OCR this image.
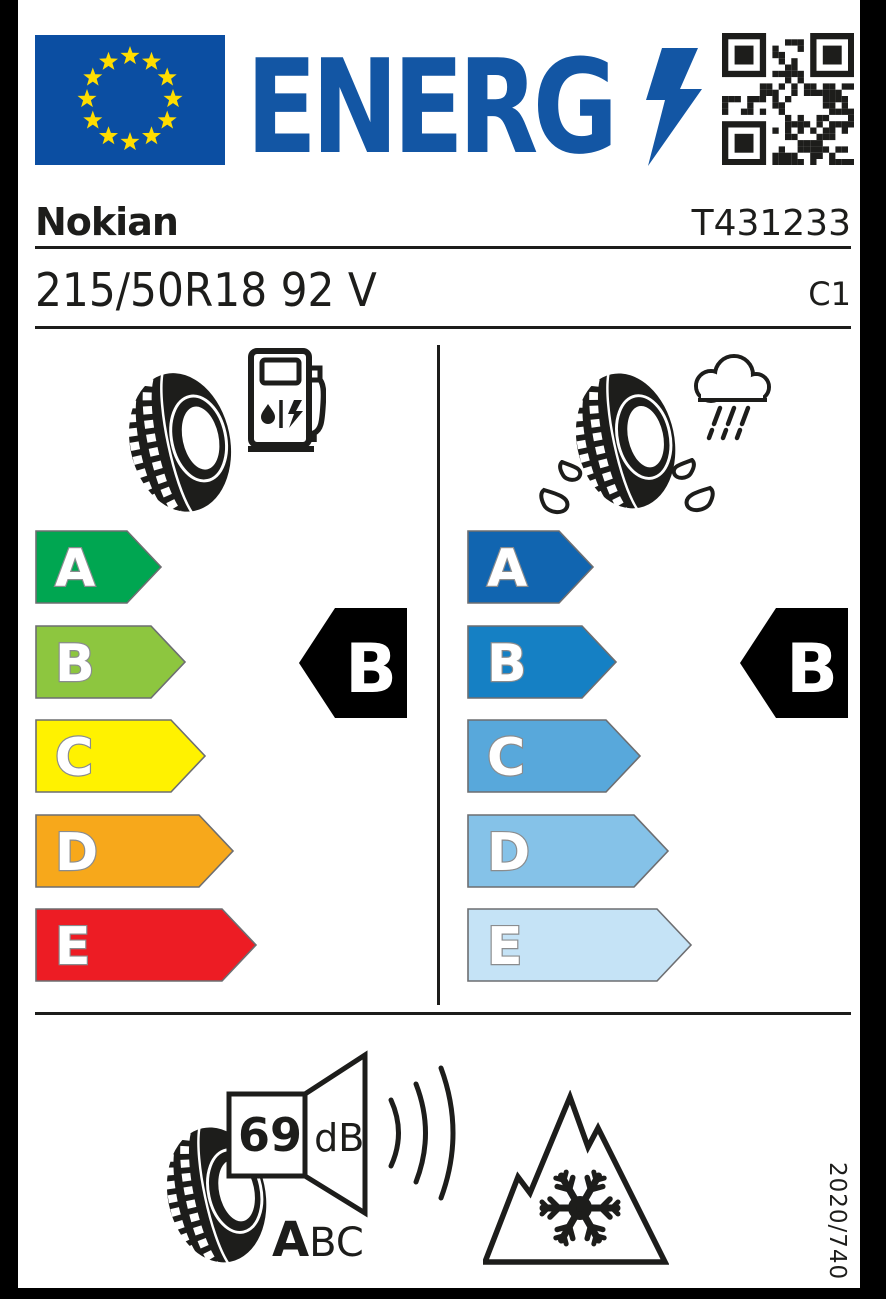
ENERG
Nokian	T431233
215/50R18 92 V	C1
A
B
C
D
E
A
B
C
D
E
B	B
69 dB
ABC	2020/740
